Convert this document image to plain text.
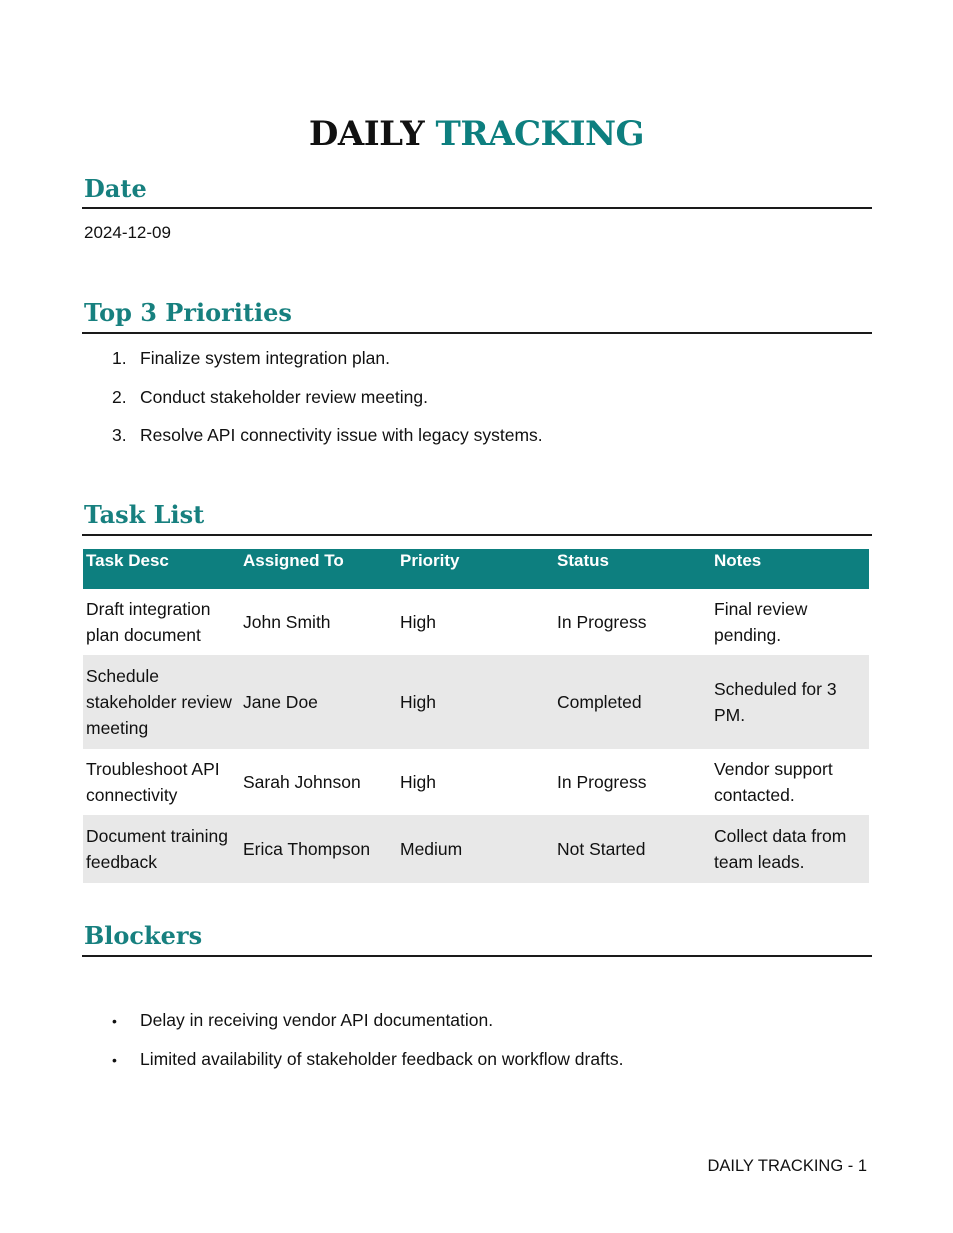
DAILY TRACKING
Date
2024-12-09
Top 3 Priorities
1. Finalize system integration plan.
2. Conduct stakeholder review meeting.
3. Resolve API connectivity issue with legacy systems.
Task List
Task Desc	Assigned To	Priority	Status	Notes
Draft integration plan document	John Smith	High	In Progress	Final review pending.
Schedule stakeholder review meeting	Jane Doe	High	Completed	Scheduled for 3 PM.
Troubleshoot API connectivity	Sarah Johnson	High	In Progress	Vendor support contacted.
Document training feedback	Erica Thompson	Medium	Not Started	Collect data from team leads.
Blockers
• Delay in receiving vendor API documentation.
• Limited availability of stakeholder feedback on workflow drafts.
DAILY TRACKING - 1
